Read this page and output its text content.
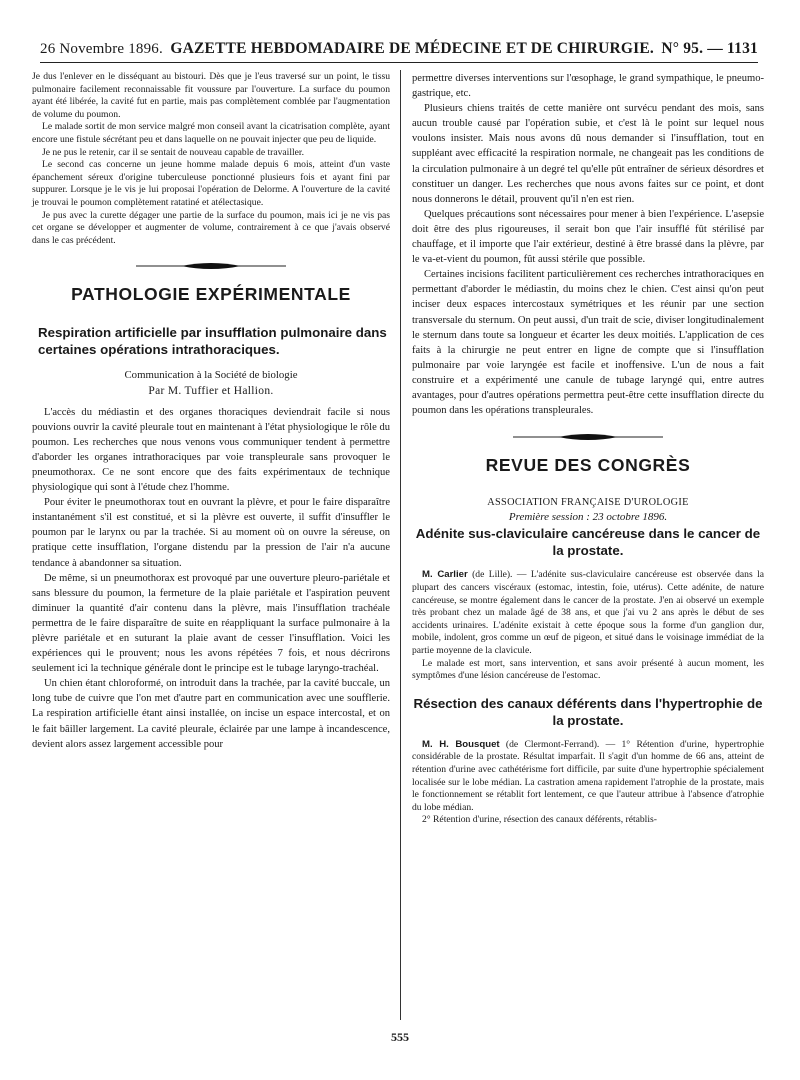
26 Novembre 1896. GAZETTE HEBDOMADAIRE DE MÉDECINE ET DE CHIRURGIE. N° 95. — 1131

Je dus l'enlever en le disséquant au bistouri. Dès que je l'eus traversé sur un point, le tissu pulmonaire facilement reconnaissable fit voussure par l'ouverture. La surface du poumon ayant été libérée, la cavité fut en partie, mais pas complètement comblée par l'augmentation de volume du poumon.

Le malade sortit de mon service malgré mon conseil avant la cicatrisation complète, ayant encore une fistule sécrétant peu et dans laquelle on ne pouvait injecter que peu de liquide.

Je ne pus le retenir, car il se sentait de nouveau capable de travailler.

Le second cas concerne un jeune homme malade depuis 6 mois, atteint d'un vaste épanchement séreux d'origine tuberculeuse ponctionné plusieurs fois et ayant fini par suppurer. Lorsque je le vis je lui proposai l'opération de Delorme. A l'ouverture de la cavité je trouvai le poumon complètement ratatiné et atélectasique.

Je pus avec la curette dégager une partie de la surface du poumon, mais ici je ne vis pas cet organe se développer et augmenter de volume, contrairement à ce que j'avais observé dans le cas précédent.

PATHOLOGIE EXPÉRIMENTALE
Respiration artificielle par insufflation pulmonaire dans certaines opérations intrathoraciques.

Communication à la Société de biologie

Par M. Tuffier et Hallion.

L'accès du médiastin et des organes thoraciques deviendrait facile si nous pouvions ouvrir la cavité pleurale tout en maintenant à l'état physiologique le rôle du poumon. Les recherches que nous venons vous communiquer tendent à permettre d'aborder les organes intrathoraciques par voie transpleurale sans provoquer le pneumothorax. Ce ne sont encore que des faits expérimentaux de technique physiologique qui sont à l'étude chez l'homme.

Pour éviter le pneumothorax tout en ouvrant la plèvre, et pour le faire disparaître instantanément s'il est constitué, et si la plèvre est ouverte, il suffit d'insuffler le poumon par le larynx ou par la trachée. Si au moment où on ouvre la séreuse, on pratique cette insufflation, l'organe distendu par la pression de l'air n'a aucune tendance à abandonner sa situation.

De même, si un pneumothorax est provoqué par une ouverture pleuro-pariétale et sans blessure du poumon, la fermeture de la plaie pariétale et l'aspiration peuvent diminuer la quantité d'air contenu dans la plèvre, mais l'insufflation trachéale permettra de le faire disparaître de suite en réappliquant la surface pulmonaire à la plèvre pariétale et en suturant la plaie avant de cesser l'insufflation. Voici les expériences qui le prouvent; nous les avons répétées 7 fois, et nous décrirons seulement ici la technique générale dont le principe est le tubage laryngo-trachéal.

Un chien étant chloroformé, on introduit dans la trachée, par la cavité buccale, un long tube de cuivre que l'on met d'autre part en communication avec une soufflerie. La respiration artificielle étant ainsi installée, on incise un espace intercostal, et on le fait bâiller largement. La cavité pleurale, éclairée par une lampe à incandescence, devient alors assez largement accessible pour

permettre diverses interventions sur l'œsophage, le grand sympathique, le pneumo-gastrique, etc.

Plusieurs chiens traités de cette manière ont survécu pendant des mois, sans aucun trouble causé par l'opération subie, et c'est là le point sur lequel nous voulons insister. Mais nous avons dû nous demander si l'insufflation, tout en suppléant avec efficacité la respiration normale, ne changeait pas les conditions de la circulation pulmonaire à un degré tel qu'elle pût entraîner de sérieux désordres et constituer un danger. Les recherches que nous avons faites sur ce point, et dont nous donnerons le détail, prouvent qu'il n'en est rien.

Quelques précautions sont nécessaires pour mener à bien l'expérience. L'asepsie doit être des plus rigoureuses, il serait bon que l'air insufflé fût stérilisé par chauffage, et il importe que l'air extérieur, destiné à être brassé dans la plèvre, par le va-et-vient du poumon, fût aussi stérile que possible.

Certaines incisions facilitent particulièrement ces recherches intrathoraciques en permettant d'aborder le médiastin, du moins chez le chien. C'est ainsi qu'on peut inciser deux espaces intercostaux symétriques et les réunir par une section transversale du sternum. On peut aussi, d'un trait de scie, diviser longitudinalement le sternum dans toute sa longueur et écarter les deux moitiés. L'application de ces faits à la chirurgie ne peut entrer en ligne de compte que si l'insufflation pulmonaire par voie laryngée est facile et inoffensive. L'un de nous a fait construire et a expérimenté une canule de tubage laryngé qui, entre autres avantages, pour d'autres opérations permettra peut-être cette insufflation directe du poumon dans les opérations transpleurales.

REVUE DES CONGRÈS

ASSOCIATION FRANÇAISE D'UROLOGIE

Première session : 23 octobre 1896.

Adénite sus-claviculaire cancéreuse dans le cancer de la prostate.

M. Carlier (de Lille). — L'adénite sus-claviculaire cancéreuse est observée dans la plupart des cancers viscéraux (estomac, intestin, foie, utérus). Cette adénite, de nature cancéreuse, se montre également dans le cancer de la prostate. J'en ai observé un exemple très probant chez un malade âgé de 38 ans, et que j'ai vu 2 ans après le début de ses accidents urinaires. L'adénite existait à cette époque sous la forme d'un ganglion dur, mobile, indolent, gros comme un œuf de pigeon, et situé dans le voisinage immédiat de la partie moyenne de la clavicule.

Le malade est mort, sans intervention, et sans avoir présenté à aucun moment, les symptômes d'une lésion cancéreuse de l'estomac.

Résection des canaux déférents dans l'hypertrophie de la prostate.

M. H. Bousquet (de Clermont-Ferrand). — 1° Rétention d'urine, hypertrophie considérable de la prostate. Résultat imparfait. Il s'agit d'un homme de 66 ans, atteint de rétention d'urine avec cathétérisme fort difficile, par suite d'une hypertrophie spécialement localisée sur le lobe médian. La castration amena rapidement l'atrophie de la prostate, mais le fonctionnement se rétablit fort lentement, ce que l'auteur attribue à l'absence d'atrophie du lobe médian.

2° Rétention d'urine, résection des canaux déférents, rétablis-

555
